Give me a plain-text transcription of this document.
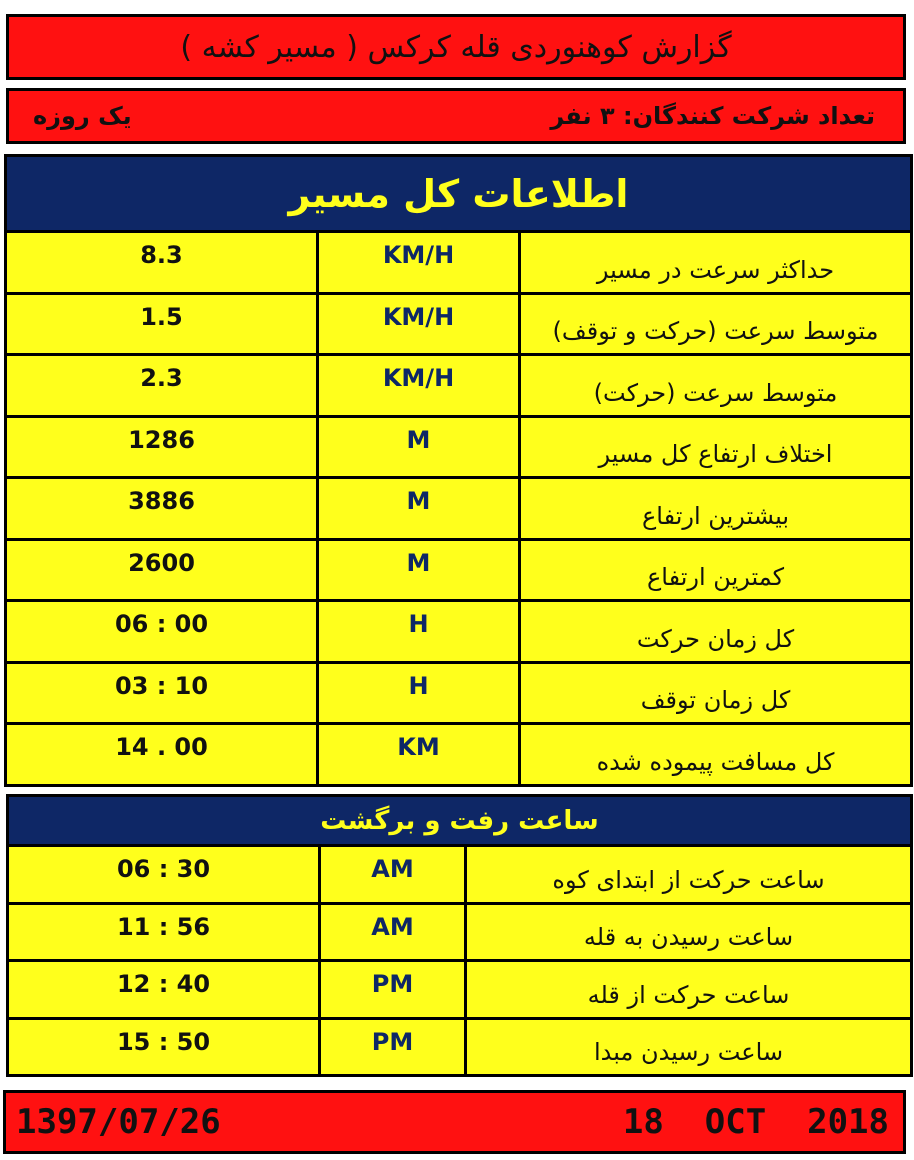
گزارش کوهنوردی قله کرکس ( مسیر کشه )
یک روزه	تعداد شرکت کنندگان: ۳ نفر
اطلاعات کل مسیر		
8.3	KM/H	حداکثر سرعت در مسیر
1.5	KM/H	متوسط سرعت (حرکت و توقف)
2.3	KM/H	متوسط سرعت (حرکت)
1286	M	اختلاف ارتفاع کل مسیر
3886	M	بیشترین ارتفاع
2600	M	کمترین ارتفاع
06 : 00	H	کل زمان حرکت
03 : 10	H	کل زمان توقف
14 . 00	KM	کل مسافت پیموده شده
ساعت رفت و برگشت		
06 : 30	AM	ساعت حرکت از ابتدای کوه
11 : 56	AM	ساعت رسیدن به قله
12 : 40	PM	ساعت حرکت از قله
15 : 50	PM	ساعت رسیدن مبدا
1397/07/26	18  OCT  2018
